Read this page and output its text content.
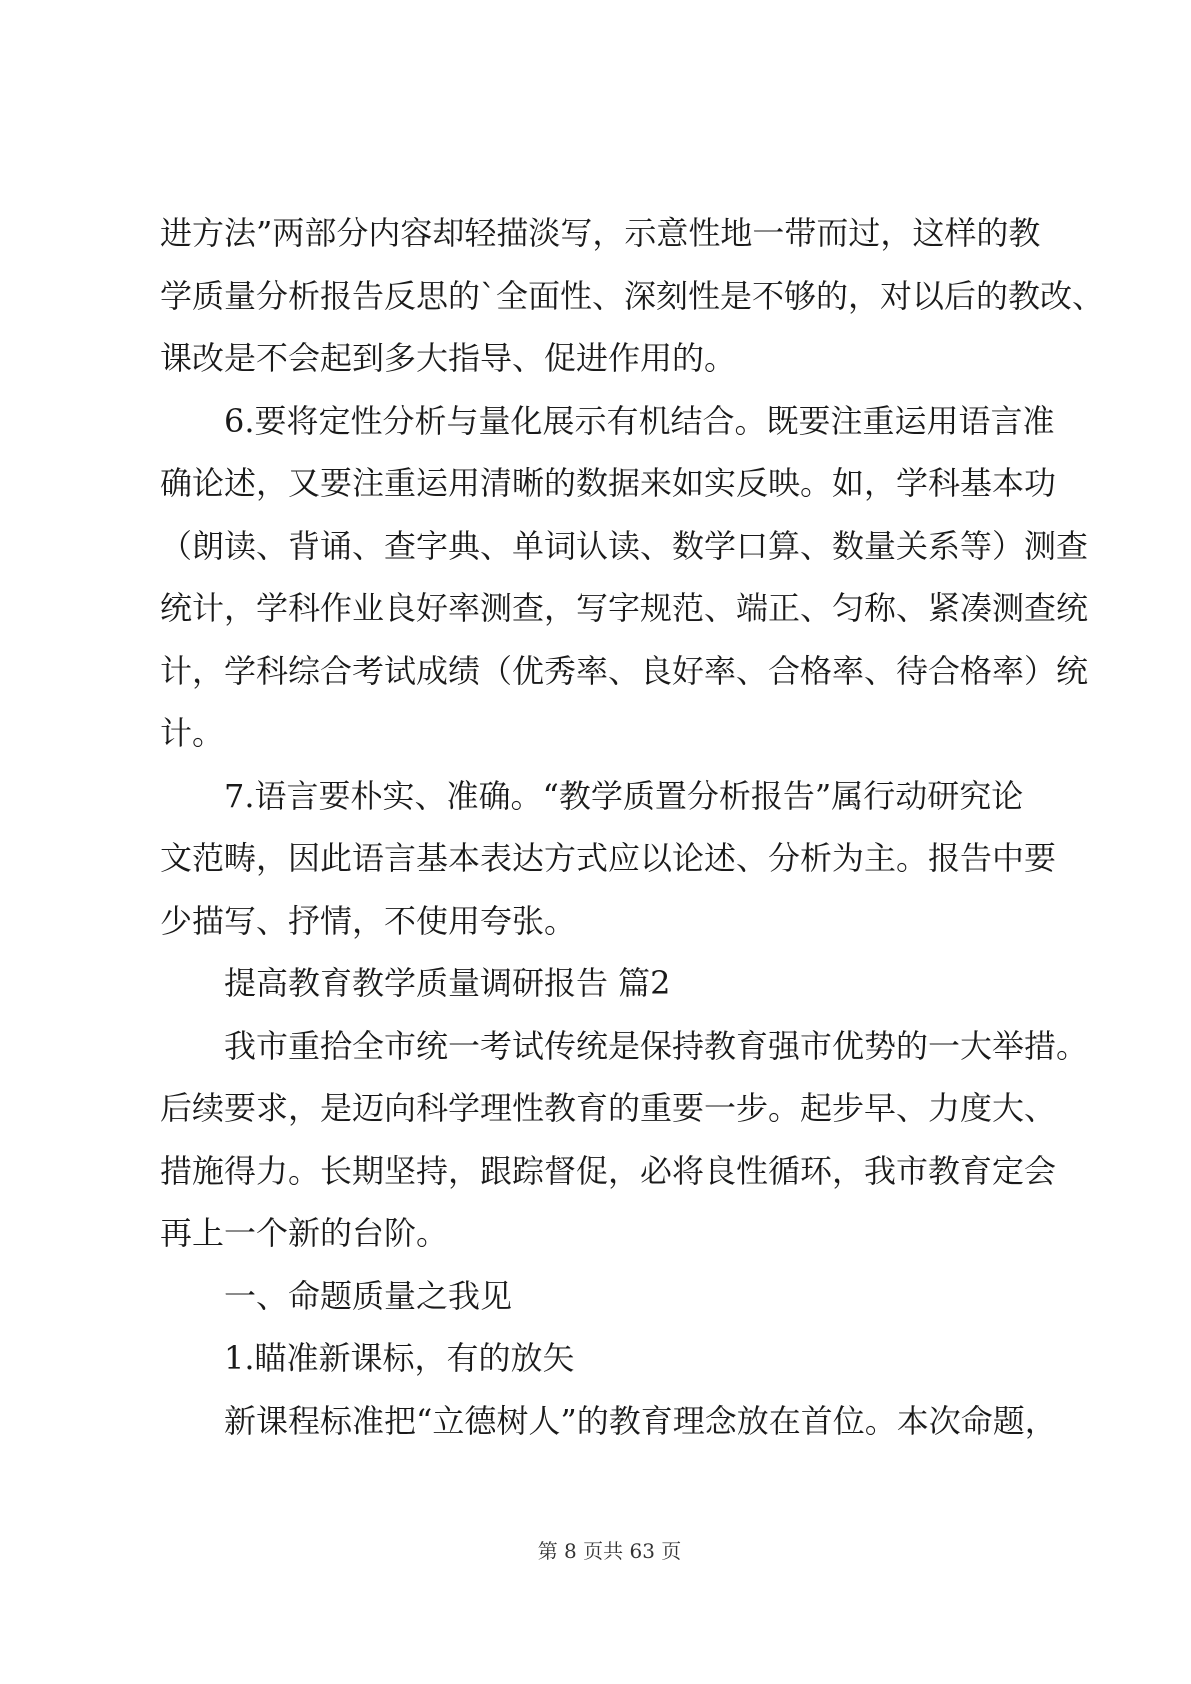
进方法”两部分内容却轻描淡写，示意性地一带而过，这样的教
学质量分析报告反思的`全面性、深刻性是不够的，对以后的教改、
课改是不会起到多大指导、促进作用的。
6.要将定性分析与量化展示有机结合。既要注重运用语言准
确论述，又要注重运用清晰的数据来如实反映。如，学科基本功
（朗读、背诵、查字典、单词认读、数学口算、数量关系等）测查
统计，学科作业良好率测查，写字规范、端正、匀称、紧凑测查统
计，学科综合考试成绩（优秀率、良好率、合格率、待合格率）统
计。
7.语言要朴实、准确。“教学质置分析报告”属行动研究论
文范畴，因此语言基本表达方式应以论述、分析为主。报告中要
少描写、抒情，不使用夸张。
提高教育教学质量调研报告 篇2
我市重拾全市统一考试传统是保持教育强市优势的一大举措。
后续要求，是迈向科学理性教育的重要一步。起步早、力度大、
措施得力。长期坚持，跟踪督促，必将良性循环，我市教育定会
再上一个新的台阶。
一、命题质量之我见
1.瞄准新课标，有的放矢
新课程标准把“立德树人”的教育理念放在首位。本次命题，
第 8 页共 63 页
